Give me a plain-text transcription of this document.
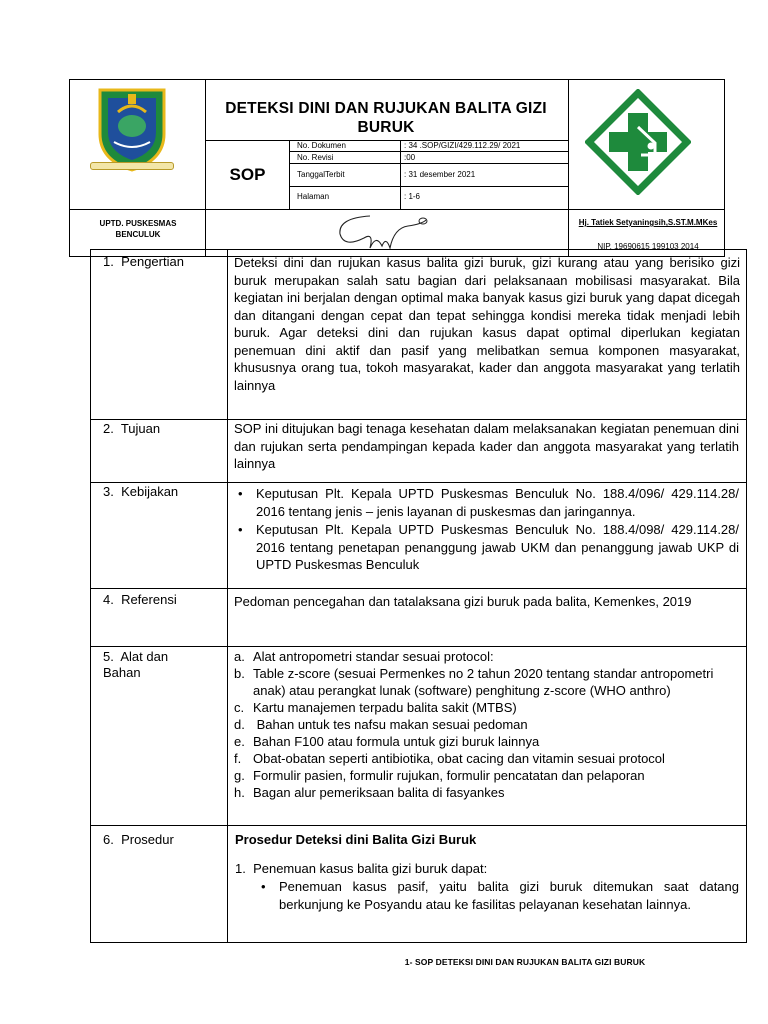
DETEKSI DINI DAN RUJUKAN BALITA GIZI BURUK
SOP
No. Dokumen	: 34 .SOP/GIZI/429.112.29/ 2021
No. Revisi	:00
TanggalTerbit	: 31 desember 2021
Halaman	: 1-6
UPTD. PUSKESMAS BENCULUK
Hj. Tatiek Setyaningsih,S.ST.M.MKes
NIP. 19690615 199103 2014
1.  Pengertian	Deteksi dini dan rujukan kasus balita gizi buruk, gizi kurang atau yang berisiko gizi buruk merupakan salah satu bagian dari pelaksanaan mobilisasi masyarakat. Bila kegiatan ini berjalan dengan optimal maka banyak kasus gizi buruk yang dapat dicegah dan ditangani dengan cepat dan tepat sehingga kondisi mereka tidak menjadi lebih buruk. Agar deteksi dini dan rujukan kasus dapat optimal diperlukan kegiatan penemuan dini aktif dan pasif yang melibatkan semua komponen masyarakat, khususnya orang tua, tokoh masyarakat, kader dan anggota masyarakat yang terlatih lainnya
2.  Tujuan	SOP ini ditujukan bagi tenaga kesehatan dalam melaksanakan kegiatan penemuan dini dan rujukan serta pendampingan kepada kader dan anggota masyarakat yang terlatih lainnya
3.  Kebijakan
•	Keputusan Plt. Kepala UPTD Puskesmas Benculuk No. 188.4/096/ 429.114.28/ 2016 tentang jenis – jenis layanan di puskesmas dan jaringannya.
• Keputusan Plt. Kepala UPTD Puskesmas Benculuk No. 188.4/098/ 429.114.28/ 2016 tentang penetapan penanggung jawab UKM dan penanggung jawab UKP di UPTD Puskesmas Benculuk
4.  Referensi	Pedoman pencegahan dan tatalaksana gizi buruk pada balita, Kemenkes, 2019
5.  Alat dan Bahan
a. Alat antropometri standar sesuai protocol:
b. Table z-score (sesuai Permenkes no 2 tahun 2020 tentang standar antropometri anak) atau perangkat lunak (software) penghitung z-score (WHO anthro)
c. Kartu manajemen terpadu balita sakit (MTBS)
d. Bahan untuk tes nafsu makan sesuai pedoman
e. Bahan F100 atau formula untuk gizi buruk lainnya
f. Obat-obatan seperti antibiotika, obat cacing dan vitamin sesuai protocol
g. Formulir pasien, formulir rujukan, formulir pencatatan dan pelaporan
h. Bagan alur pemeriksaan balita di fasyankes
6.  Prosedur	Prosedur Deteksi dini Balita Gizi Buruk
1.  Penemuan kasus balita gizi buruk dapat:
• Penemuan kasus pasif, yaitu balita gizi buruk ditemukan saat datang berkunjung ke Posyandu atau ke fasilitas pelayanan kesehatan lainnya.
1- SOP DETEKSI DINI DAN RUJUKAN BALITA GIZI BURUK
